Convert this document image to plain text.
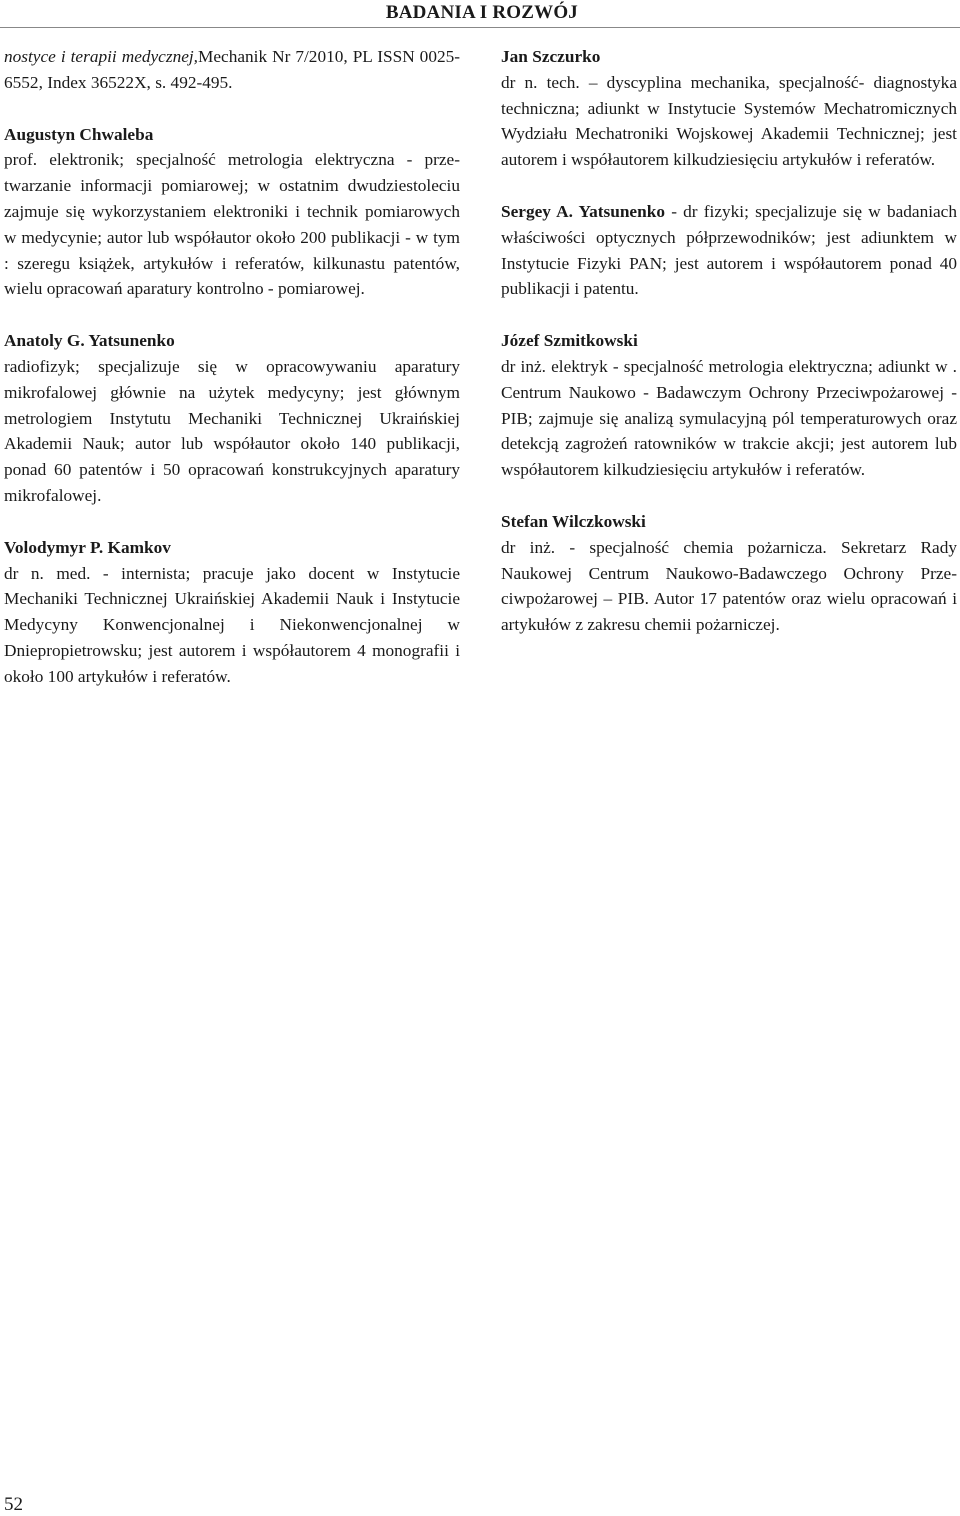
BADANIA I ROZWÓJ

nostyce i terapii medycznej,Mechanik Nr 7/2010, PL ISSN 0025-6552, Index 36522X, s. 492-495.

Augustyn Chwaleba
prof. elektronik; specjalność metrologia elektryczna - przetwarzanie informacji pomiarowej; w ostatnim dwudziestoleciu zajmuje się wykorzystaniem elektroniki i technik pomiarowych w medycynie; autor lub współautor około 200 publikacji - w tym : szeregu książek, artykułów i referatów, kilkunastu patentów, wielu opracowań aparatury kontrolno - pomiarowej.
Anatoly G. Yatsunenko
radiofizyk; specjalizuje się w opracowywaniu aparatury mikrofalowej głównie na użytek medycyny; jest głównym metrologiem Instytutu Mechaniki Technicznej Ukraińskiej Akademii Nauk; autor lub współautor około 140 publikacji, ponad 60 patentów i 50 opracowań konstrukcyjnych aparatury mikrofalowej.
Volodymyr P. Kamkov
dr n. med. - internista; pracuje jako docent w Instytucie Mechaniki Technicznej Ukraińskiej Akademii Nauk i Instytucie Medycyny Konwencjonalnej i Niekonwencjonalnej w Dniepropietrowsku; jest autorem i współautorem 4 monografii i około 100 artykułów i referatów.
Jan Szczurko
dr n. tech. – dyscyplina mechanika, specjalność- diagnostyka techniczna; adiunkt w Instytucie Systemów Mechatromicznych Wydziału Mechatroniki Wojskowej Akademii Technicznej; jest autorem i współautorem kilkudziesięciu artykułów i referatów.
Sergey A. Yatsunenko - dr fizyki; specjalizuje się w badaniach właściwości optycznych półprzewodników; jest adiunktem w Instytucie Fizyki PAN; jest autorem i współautorem ponad 40 publikacji i patentu.
Józef Szmitkowski
dr inż. elektryk - specjalność metrologia elektryczna; adiunkt w . Centrum Naukowo - Badawczym Ochrony Przeciwpożarowej - PIB; zajmuje się analizą symulacyjną pól temperaturowych oraz detekcją zagrożeń ratowników w trakcie akcji; jest autorem lub współautorem kilkudziesięciu artykułów i referatów.
Stefan Wilczkowski
dr inż. - specjalność chemia pożarnicza. Sekretarz Rady Naukowej Centrum Naukowo-Badawczego Ochrony Przeciwpożarowej – PIB. Autor 17 patentów oraz wielu opracowań i artykułów z zakresu chemii pożarniczej.
52
